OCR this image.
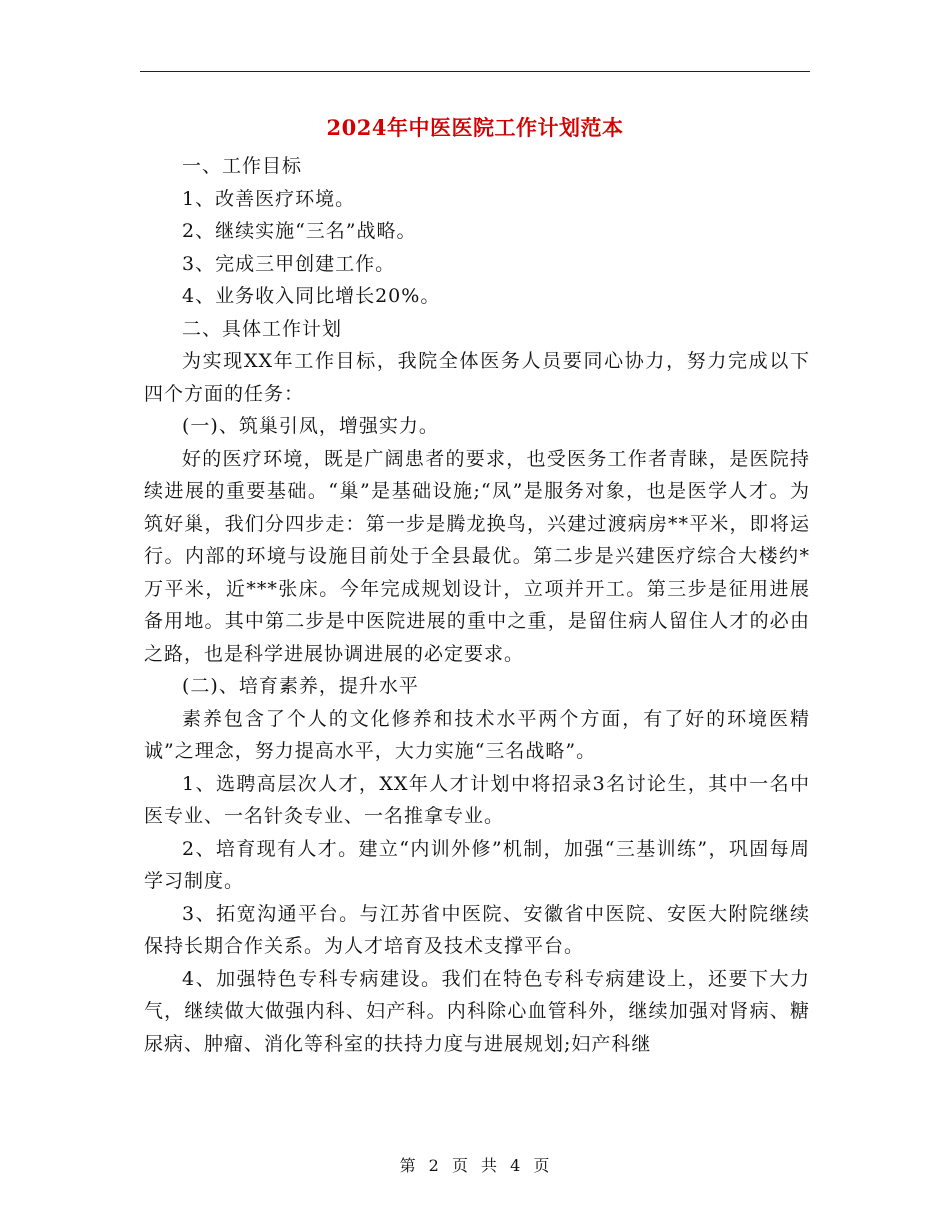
2024年中医医院工作计划范本

一、工作目标

1、改善医疗环境。

2、继续实施“三名”战略。

3、完成三甲创建工作。

4、业务收入同比增长20%。

二、具体工作计划

为实现XX年工作目标，我院全体医务人员要同心协力，努力完成以下四个方面的任务：

(一)、筑巢引凤，增强实力。

好的医疗环境，既是广阔患者的要求，也受医务工作者青睐，是医院持续进展的重要基础。“巢”是基础设施;“凤”是服务对象，也是医学人才。为筑好巢，我们分四步走：第一步是腾龙换鸟，兴建过渡病房**平米，即将运行。内部的环境与设施目前处于全县最优。第二步是兴建医疗综合大楼约*万平米，近***张床。今年完成规划设计，立项并开工。第三步是征用进展备用地。其中第二步是中医院进展的重中之重，是留住病人留住人才的必由之路，也是科学进展协调进展的必定要求。

(二)、培育素养，提升水平

素养包含了个人的文化修养和技术水平两个方面，有了好的环境医精诚”之理念，努力提高水平，大力实施“三名战略”。

1、选聘高层次人才，XX年人才计划中将招录3名讨论生，其中一名中医专业、一名针灸专业、一名推拿专业。

2、培育现有人才。建立“内训外修”机制，加强“三基训练”，巩固每周学习制度。

3、拓宽沟通平台。与江苏省中医院、安徽省中医院、安医大附院继续保持长期合作关系。为人才培育及技术支撑平台。

4、加强特色专科专病建设。我们在特色专科专病建设上，还要下大力气，继续做大做强内科、妇产科。内科除心血管科外，继续加强对肾病、糖尿病、肿瘤、消化等科室的扶持力度与进展规划;妇产科继

第 2 页 共 4 页
